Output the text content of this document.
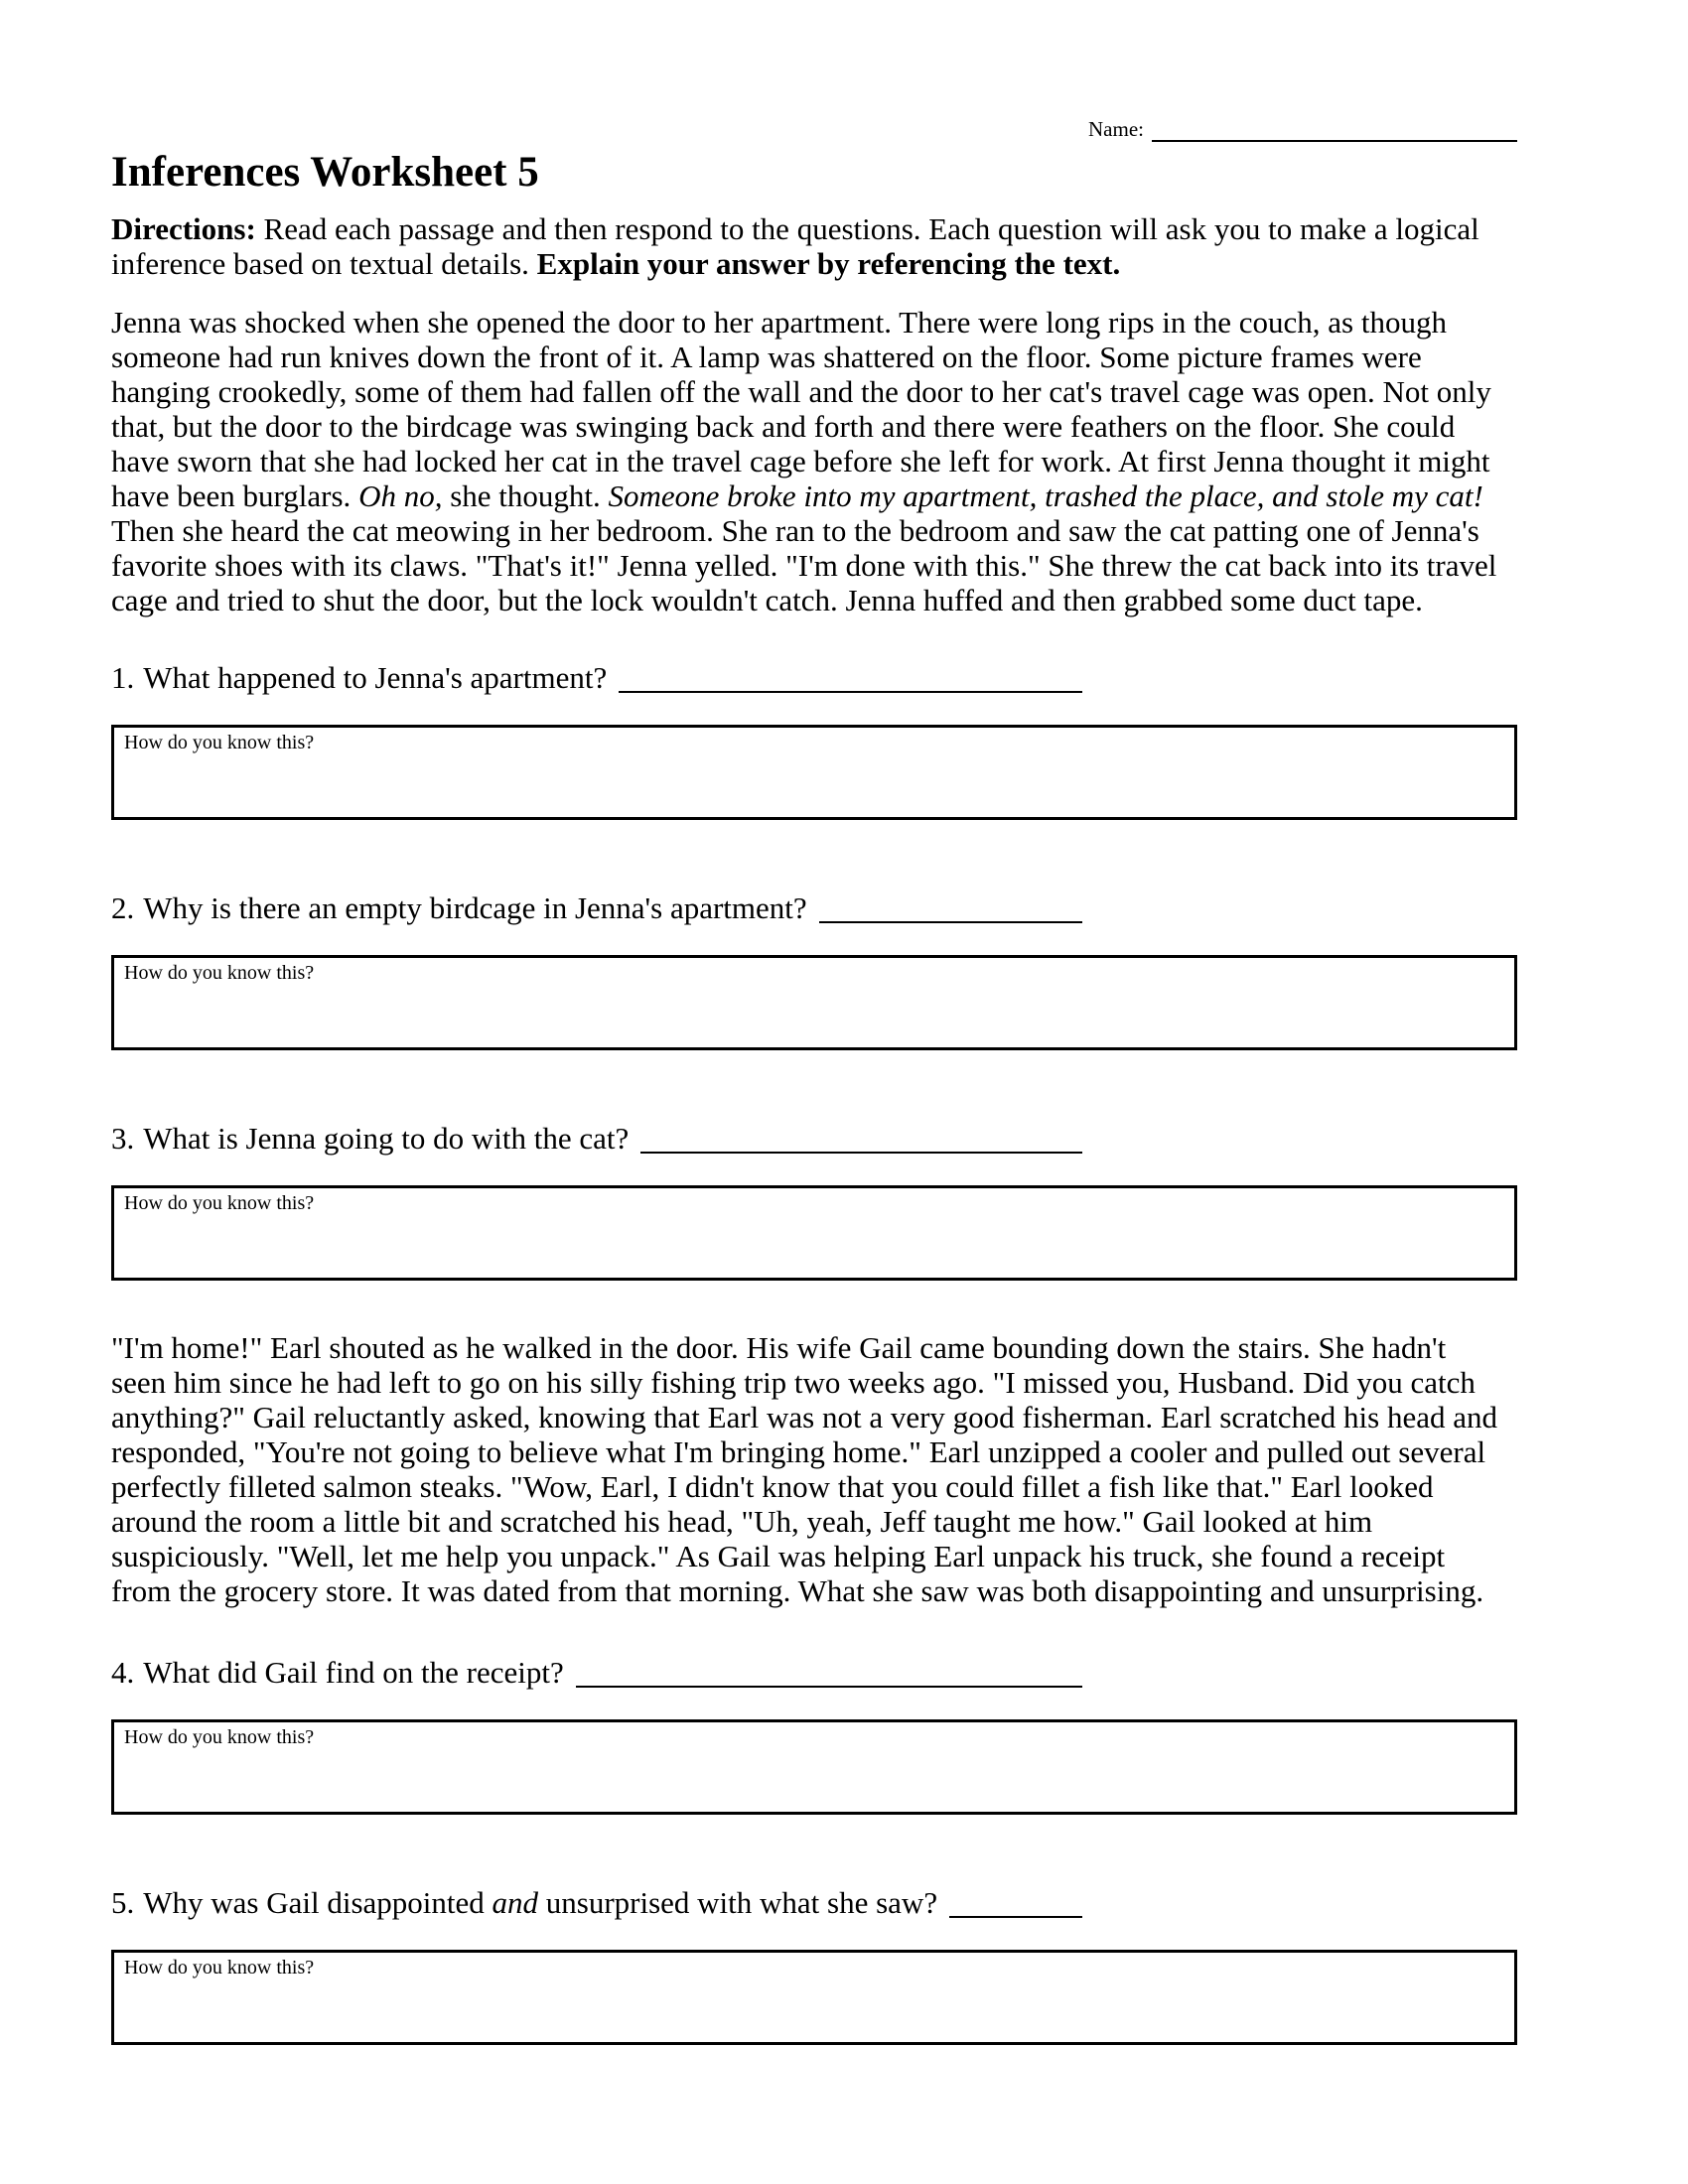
Name:
Inferences Worksheet 5

Directions: Read each passage and then respond to the questions. Each question will ask you to make a logical inference based on textual details. Explain your answer by referencing the text.

Jenna was shocked when she opened the door to her apartment. There were long rips in the couch, as though someone had run knives down the front of it. A lamp was shattered on the floor. Some picture frames were hanging crookedly, some of them had fallen off the wall and the door to her cat's travel cage was open. Not only that, but the door to the birdcage was swinging back and forth and there were feathers on the floor. She could have sworn that she had locked her cat in the travel cage before she left for work. At first Jenna thought it might have been burglars. Oh no, she thought. Someone broke into my apartment, trashed the place, and stole my cat! Then she heard the cat meowing in her bedroom. She ran to the bedroom and saw the cat patting one of Jenna's favorite shoes with its claws. "That's it!" Jenna yelled. "I'm done with this." She threw the cat back into its travel cage and tried to shut the door, but the lock wouldn't catch. Jenna huffed and then grabbed some duct tape.

1. What happened to Jenna's apartment?
How do you know this?
2. Why is there an empty birdcage in Jenna's apartment?
How do you know this?
3. What is Jenna going to do with the cat?
How do you know this?

"I'm home!" Earl shouted as he walked in the door. His wife Gail came bounding down the stairs. She hadn't seen him since he had left to go on his silly fishing trip two weeks ago. "I missed you, Husband. Did you catch anything?" Gail reluctantly asked, knowing that Earl was not a very good fisherman. Earl scratched his head and responded, "You're not going to believe what I'm bringing home." Earl unzipped a cooler and pulled out several perfectly filleted salmon steaks. "Wow, Earl, I didn't know that you could fillet a fish like that." Earl looked around the room a little bit and scratched his head, "Uh, yeah, Jeff taught me how." Gail looked at him suspiciously. "Well, let me help you unpack." As Gail was helping Earl unpack his truck, she found a receipt from the grocery store. It was dated from that morning. What she saw was both disappointing and unsurprising.

4. What did Gail find on the receipt?
How do you know this?
5. Why was Gail disappointed and unsurprised with what she saw?
How do you know this?
